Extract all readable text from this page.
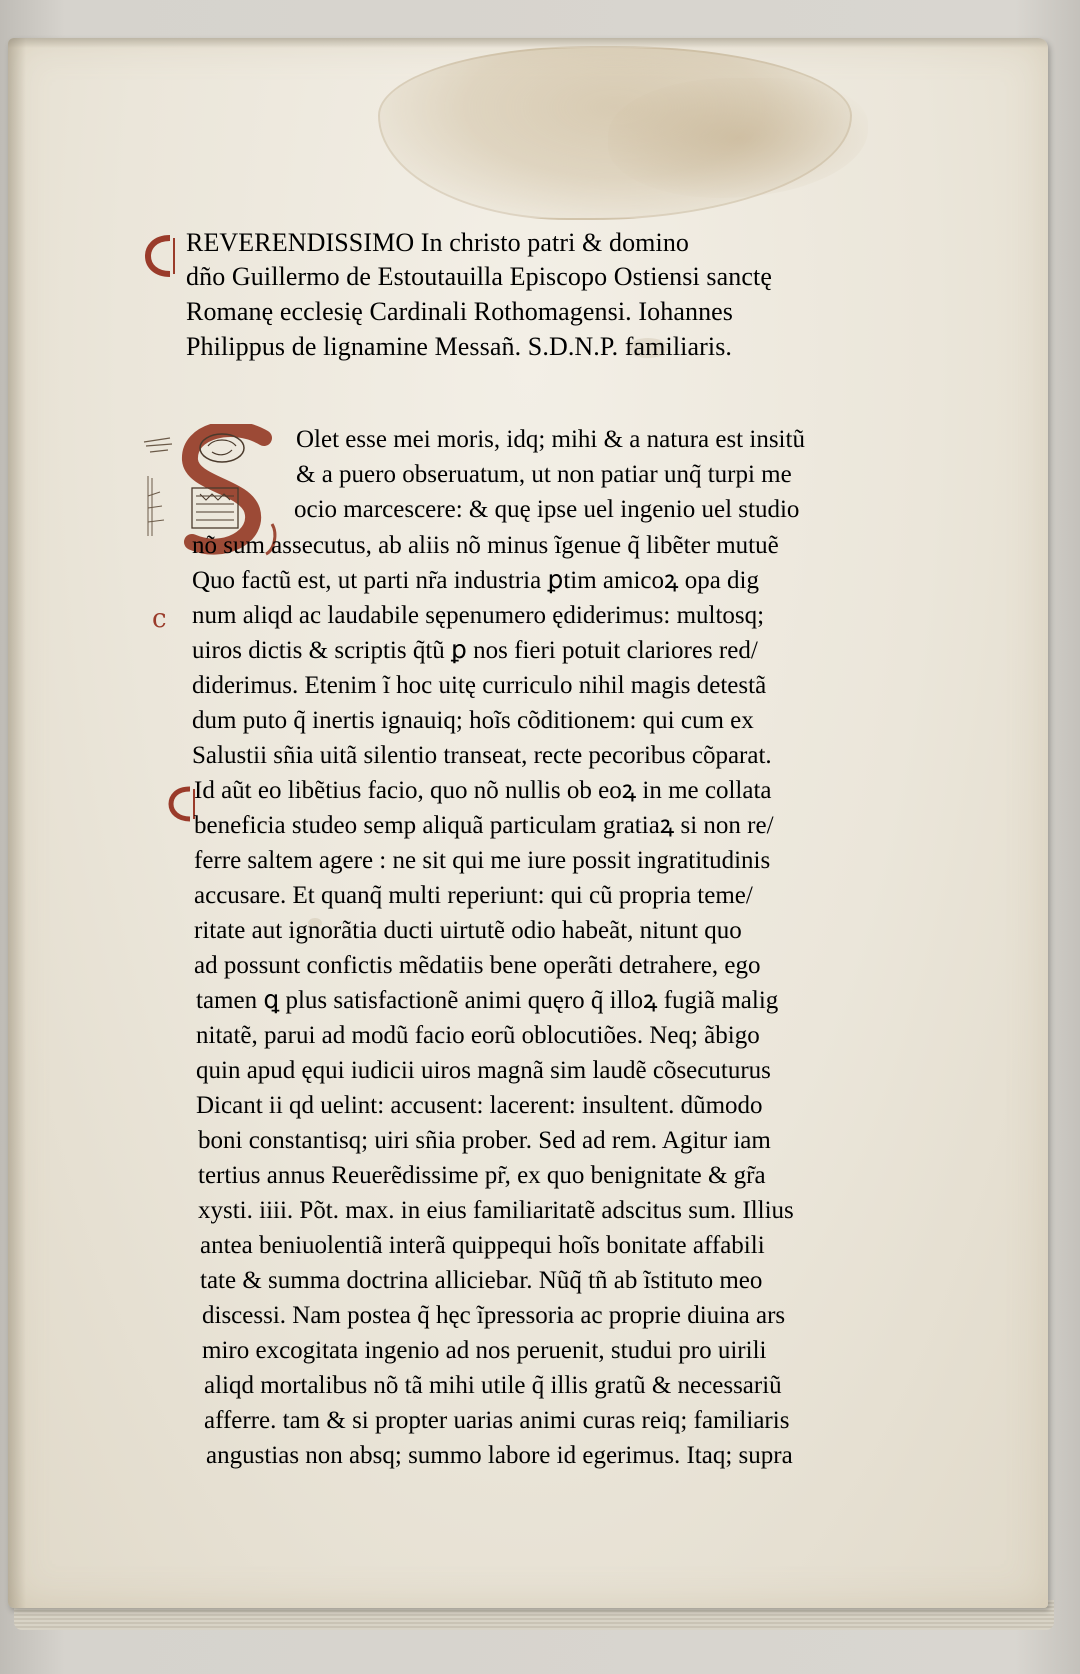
REVERENDISSIMO In christo patri & domino
dño Guillermo de Estoutauilla Episcopo Ostiensi sanctę
Romanę ecclesię Cardinali Rothomagensi. Iohannes
Philippus de lignamine Messañ. S.D.N.P. familiaris.
c
Olet esse mei moris, idq; mihi & a natura est insitũ
& a puero obseruatum, ut non patiar unq̃ turpi me
ocio marcescere: & quę ipse uel ingenio uel studio
nõ sum assecutus, ab aliis nõ minus ĩgenue q̃ libẽter mutuẽ
Quo factũ est, ut parti nr̃a industria ꝑtim amicoꝝ opa dig
num aliqd ac laudabile sępenumero ędiderimus: multosq;
uiros dictis & scriptis q̃tũ ꝑ nos fieri potuit clariores red/
diderimus. Etenim ĩ hoc uitę curriculo nihil magis detestã
dum puto q̃ inertis ignauiq; hoĩs cõditionem: qui cum ex
Salustii sñia uitã silentio transeat, recte pecoribus cõparat.
Id aũt eo libẽtius facio, quo nõ nullis ob eoꝝ in me collata
beneficia studeo semp aliquã particulam gratiaꝝ si non re/
ferre saltem agere : ne sit qui me iure possit ingratitudinis
accusare. Et quanq̃ multi reperiunt: qui cũ propria teme/
ritate aut ignorãtia ducti uirtutẽ odio habeãt, nitunt quo
ad possunt confictis mẽdatiis bene operãti detrahere, ego
tamen ꝗ plus satisfactionẽ animi quęro q̃ illoꝝ fugiã malig
nitatẽ, parui ad modũ facio eorũ oblocutiões. Neq; ãbigo
quin apud ęqui iudicii uiros magnã sim laudẽ cõsecuturus
Dicant ii qd uelint: accusent: lacerent: insultent. dũmodo
boni constantisq; uiri sñia prober. Sed ad rem. Agitur iam
tertius annus Reuerẽdissime pr̃, ex quo benignitate & gr̃a
xysti. iiii. Põt. max. in eius familiaritatẽ adscitus sum. Illius
antea beniuolentiã interã quippequi hoĩs bonitate affabili
tate & summa doctrina alliciebar. Nũq̃ tñ ab ĩstituto meo
discessi. Nam postea q̃ hęc ĩpressoria ac proprie diuina ars
miro excogitata ingenio ad nos peruenit, studui pro uirili
aliqd mortalibus nõ tã mihi utile q̃ illis gratũ & necessariũ
afferre. tam & si propter uarias animi curas reiq; familiaris
angustias non absq; summo labore id egerimus. Itaq; supra
